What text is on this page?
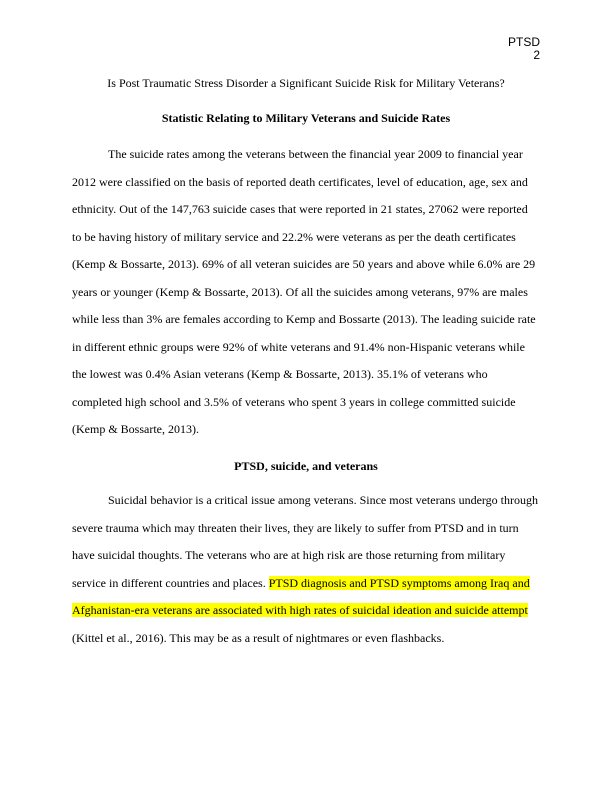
PTSD
2
Is Post Traumatic Stress Disorder a Significant Suicide Risk for Military Veterans?
Statistic Relating to Military Veterans and Suicide Rates

The suicide rates among the veterans between the financial year 2009 to financial year 2012 were classified on the basis of reported death certificates, level of education, age, sex and ethnicity. Out of the 147,763 suicide cases that were reported in 21 states, 27062 were reported to be having history of military service and 22.2% were veterans as per the death certificates (Kemp & Bossarte, 2013). 69% of all veteran suicides are 50 years and above while 6.0% are 29 years or younger (Kemp & Bossarte, 2013). Of all the suicides among veterans, 97% are males while less than 3% are females according to Kemp and Bossarte (2013). The leading suicide rate in different ethnic groups were 92% of white veterans and 91.4% non-Hispanic veterans while the lowest was 0.4% Asian veterans (Kemp & Bossarte, 2013). 35.1% of veterans who completed high school and 3.5% of veterans who spent 3 years in college committed suicide (Kemp & Bossarte, 2013).

PTSD, suicide, and veterans

Suicidal behavior is a critical issue among veterans. Since most veterans undergo through severe trauma which may threaten their lives, they are likely to suffer from PTSD and in turn have suicidal thoughts. The veterans who are at high risk are those returning from military service in different countries and places. PTSD diagnosis and PTSD symptoms among Iraq and Afghanistan-era veterans are associated with high rates of suicidal ideation and suicide attempt (Kittel et al., 2016). This may be as a result of nightmares or even flashbacks.
